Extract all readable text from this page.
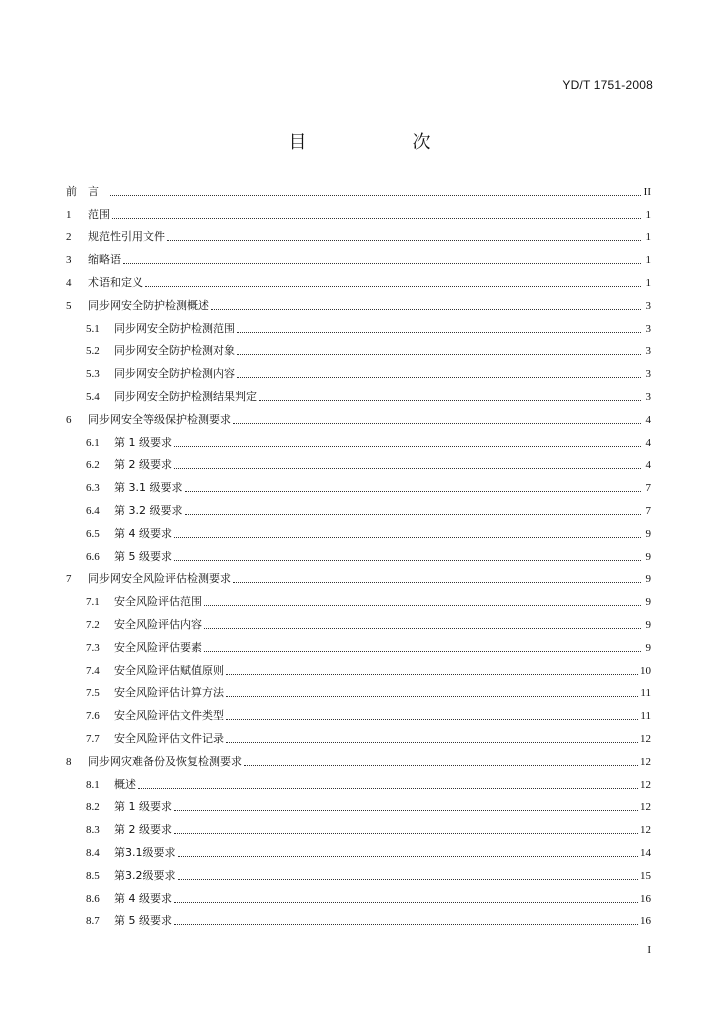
YD/T 1751-2008
目　次
前　言	II
1	范围	1
2	规范性引用文件	1
3	缩略语	1
4	术语和定义	1
5	同步网安全防护检测概述	3
5.1	同步网安全防护检测范围	3
5.2	同步网安全防护检测对象	3
5.3	同步网安全防护检测内容	3
5.4	同步网安全防护检测结果判定	3
6	同步网安全等级保护检测要求	4
6.1	第 1 级要求	4
6.2	第 2 级要求	4
6.3	第 3.1 级要求	7
6.4	第 3.2 级要求	7
6.5	第 4 级要求	9
6.6	第 5 级要求	9
7	同步网安全风险评估检测要求	9
7.1	安全风险评估范围	9
7.2	安全风险评估内容	9
7.3	安全风险评估要素	9
7.4	安全风险评估赋值原则	10
7.5	安全风险评估计算方法	11
7.6	安全风险评估文件类型	11
7.7	安全风险评估文件记录	12
8	同步网灾难备份及恢复检测要求	12
8.1	概述	12
8.2	第 1 级要求	12
8.3	第 2 级要求	12
8.4	第3.1级要求	14
8.5	第3.2级要求	15
8.6	第 4 级要求	16
8.7	第 5 级要求	16
I
